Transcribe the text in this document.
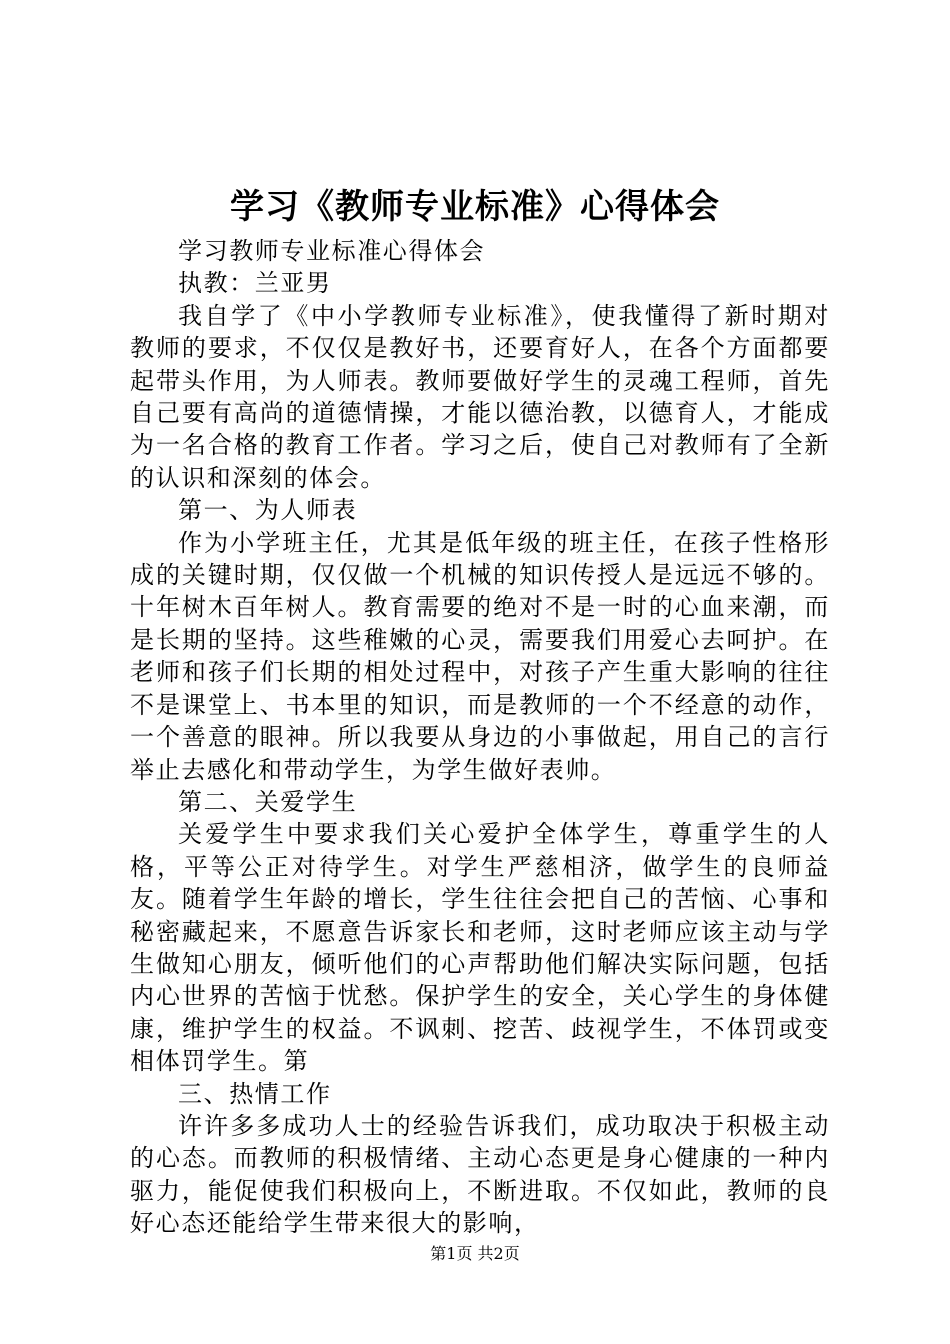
学习《教师专业标准》心得体会

学习教师专业标准心得体会

执教：兰亚男

我自学了《中小学教师专业标准》，使我懂得了新时期对教师的要求，不仅仅是教好书，还要育好人，在各个方面都要起带头作用，为人师表。教师要做好学生的灵魂工程师，首先自己要有高尚的道德情操，才能以德治教，以德育人，才能成为一名合格的教育工作者。学习之后，使自己对教师有了全新的认识和深刻的体会。

第一、为人师表

作为小学班主任，尤其是低年级的班主任，在孩子性格形成的关键时期，仅仅做一个机械的知识传授人是远远不够的。十年树木百年树人。教育需要的绝对不是一时的心血来潮，而是长期的坚持。这些稚嫩的心灵，需要我们用爱心去呵护。在老师和孩子们长期的相处过程中，对孩子产生重大影响的往往不是课堂上、书本里的知识，而是教师的一个不经意的动作，一个善意的眼神。所以我要从身边的小事做起，用自己的言行举止去感化和带动学生，为学生做好表帅。

第二、关爱学生

关爱学生中要求我们关心爱护全体学生，尊重学生的人格，平等公正对待学生。对学生严慈相济，做学生的良师益友。随着学生年龄的增长，学生往往会把自己的苦恼、心事和秘密藏起来，不愿意告诉家长和老师，这时老师应该主动与学生做知心朋友，倾听他们的心声帮助他们解决实际问题，包括内心世界的苦恼于忧愁。保护学生的安全，关心学生的身体健康，维护学生的权益。不讽刺、挖苦、歧视学生，不体罚或变相体罚学生。第

三、热情工作

许许多多成功人士的经验告诉我们，成功取决于积极主动的心态。而教师的积极情绪、主动心态更是身心健康的一种内驱力，能促使我们积极向上，不断进取。不仅如此，教师的良好心态还能给学生带来很大的影响，

第1页 共2页
